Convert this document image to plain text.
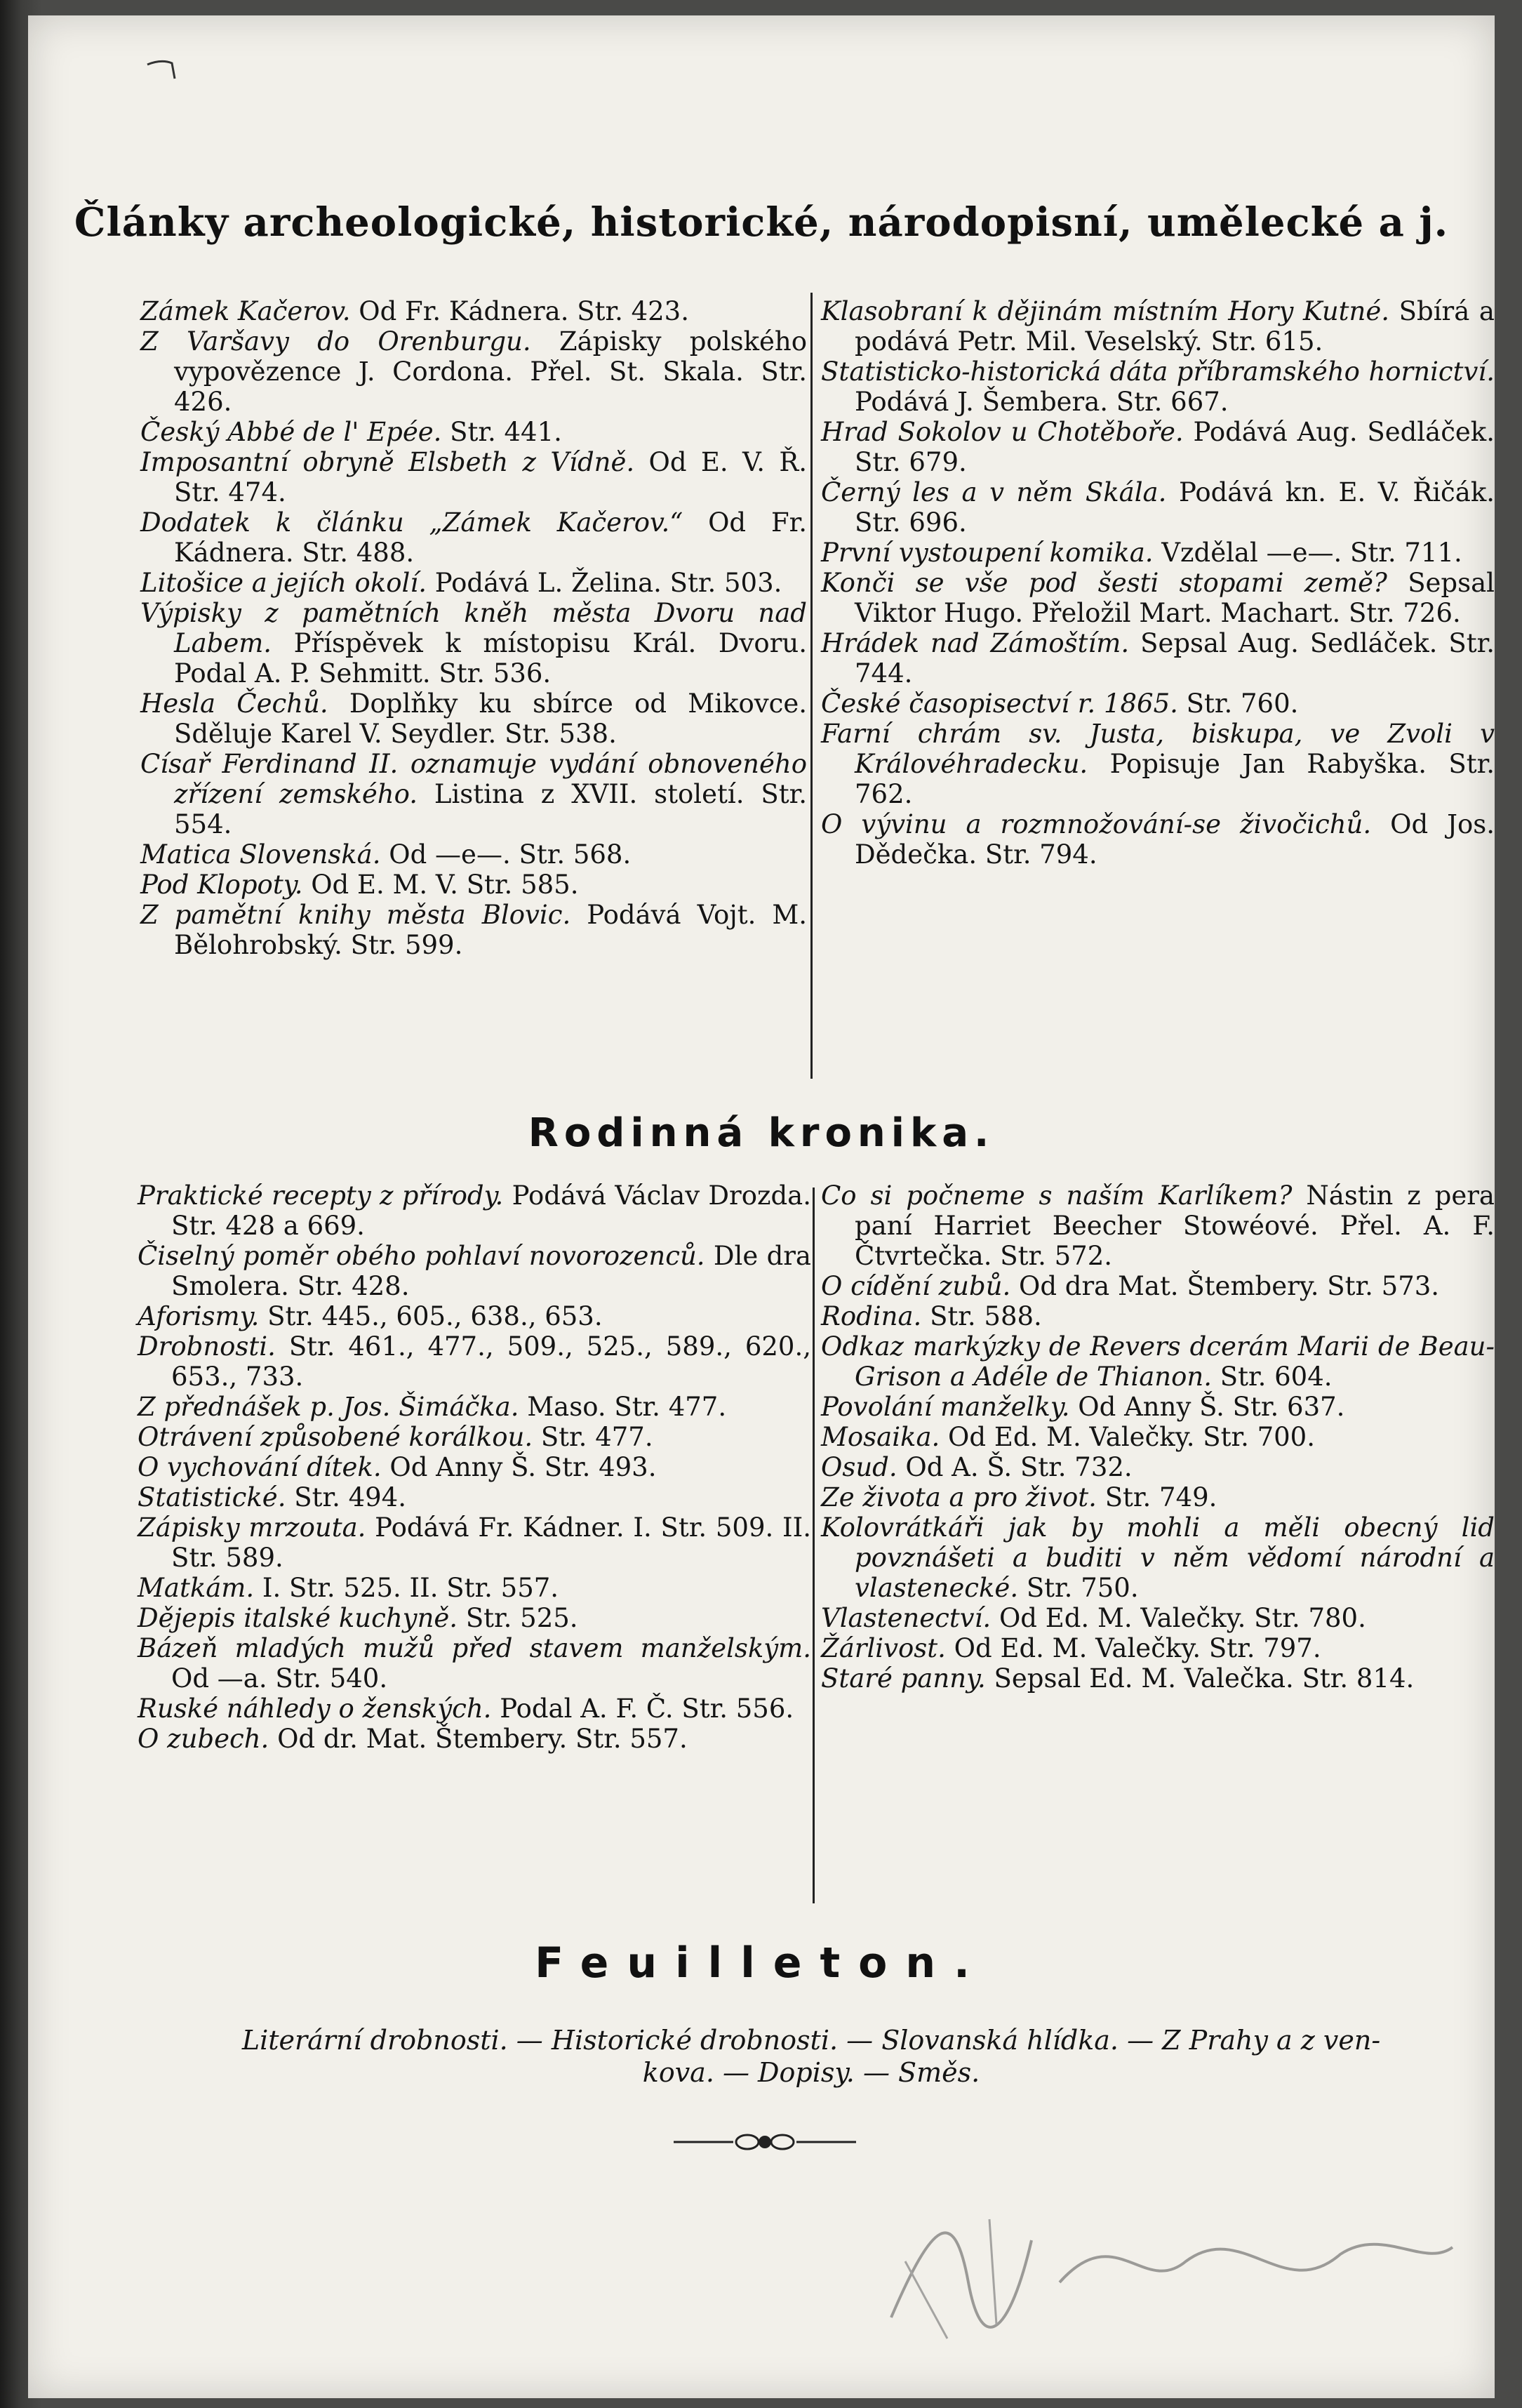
Články archeologické, historické, národopisní, umělecké a j.

Zámek Kačerov. Od Fr. Kádnera. Str. 423.

Z Varšavy do Orenburgu. Zápisky polského vypovězence J. Cordona. Přel. St. Skala. Str. 426.

Český Abbé de l' Epée. Str. 441.

Imposantní obryně Elsbeth z Vídně. Od E. V. Ř. Str. 474.

Dodatek k článku „Zámek Kačerov.“ Od Fr. Kádnera. Str. 488.

Litošice a jejích okolí. Podává L. Želina. Str. 503.

Výpisky z pamětních kněh města Dvoru nad Labem. Příspěvek k místopisu Král. Dvoru. Podal A. P. Sehmitt. Str. 536.

Hesla Čechů. Doplňky ku sbírce od Mikovce. Sděluje Karel V. Seydler. Str. 538.

Císař Ferdinand II. oznamuje vydání obnoveného zřízení zemského. Listina z XVII. století. Str. 554.

Matica Slovenská. Od —e—. Str. 568.

Pod Klopoty. Od E. M. V. Str. 585.

Z pamětní knihy města Blovic. Podává Vojt. M. Bělohrobský. Str. 599.

Klasobraní k dějinám místním Hory Kutné. Sbírá a podává Petr. Mil. Veselský. Str. 615.

Statisticko-historická dáta příbramského hornictví. Podává J. Šembera. Str. 667.

Hrad Sokolov u Chotěboře. Podává Aug. Sedláček. Str. 679.

Černý les a v něm Skála. Podává kn. E. V. Řičák. Str. 696.

První vystoupení komika. Vzdělal —e—. Str. 711.

Konči se vše pod šesti stopami země? Sepsal Viktor Hugo. Přeložil Mart. Machart. Str. 726.

Hrádek nad Zámoštím. Sepsal Aug. Sedláček. Str. 744.

České časopisectví r. 1865. Str. 760.

Farní chrám sv. Justa, biskupa, ve Zvoli v Královéhradecku. Popisuje Jan Rabyška. Str. 762.

O vývinu a rozmnožování-se živočichů. Od Jos. Dědečka. Str. 794.

Rodinná kronika.

Praktické recepty z přírody. Podává Václav Drozda. Str. 428 a 669.

Čiselný poměr obého pohlaví novorozenců. Dle dra Smolera. Str. 428.

Aforismy. Str. 445., 605., 638., 653.

Drobnosti. Str. 461., 477., 509., 525., 589., 620., 653., 733.

Z přednášek p. Jos. Šimáčka. Maso. Str. 477.

Otrávení způsobené korálkou. Str. 477.

O vychování dítek. Od Anny Š. Str. 493.

Statistické. Str. 494.

Zápisky mrzouta. Podává Fr. Kádner. I. Str. 509. II. Str. 589.

Matkám. I. Str. 525. II. Str. 557.

Dějepis italské kuchyně. Str. 525.

Bázeň mladých mužů před stavem manželským. Od —a. Str. 540.

Ruské náhledy o ženských. Podal A. F. Č. Str. 556.

O zubech. Od dr. Mat. Štembery. Str. 557.

Co si počneme s naším Karlíkem? Nástin z pera paní Harriet Beecher Stowéové. Přel. A. F. Čtvrtečka. Str. 572.

O cídění zubů. Od dra Mat. Štembery. Str. 573.

Rodina. Str. 588.

Odkaz markýzky de Revers dcerám Marii de Beau-Grison a Adéle de Thianon. Str. 604.

Povolání manželky. Od Anny Š. Str. 637.

Mosaika. Od Ed. M. Valečky. Str. 700.

Osud. Od A. Š. Str. 732.

Ze života a pro život. Str. 749.

Kolovrátkáři jak by mohli a měli obecný lid povznášeti a buditi v něm vědomí národní a vlastenecké. Str. 750.

Vlastenectví. Od Ed. M. Valečky. Str. 780.

Žárlivost. Od Ed. M. Valečky. Str. 797.

Staré panny. Sepsal Ed. M. Valečka. Str. 814.

Feuilleton.
Literární drobnosti. — Historické drobnosti. — Slovanská hlídka. — Z Prahy a z ven-
kova. — Dopisy. — Směs.
